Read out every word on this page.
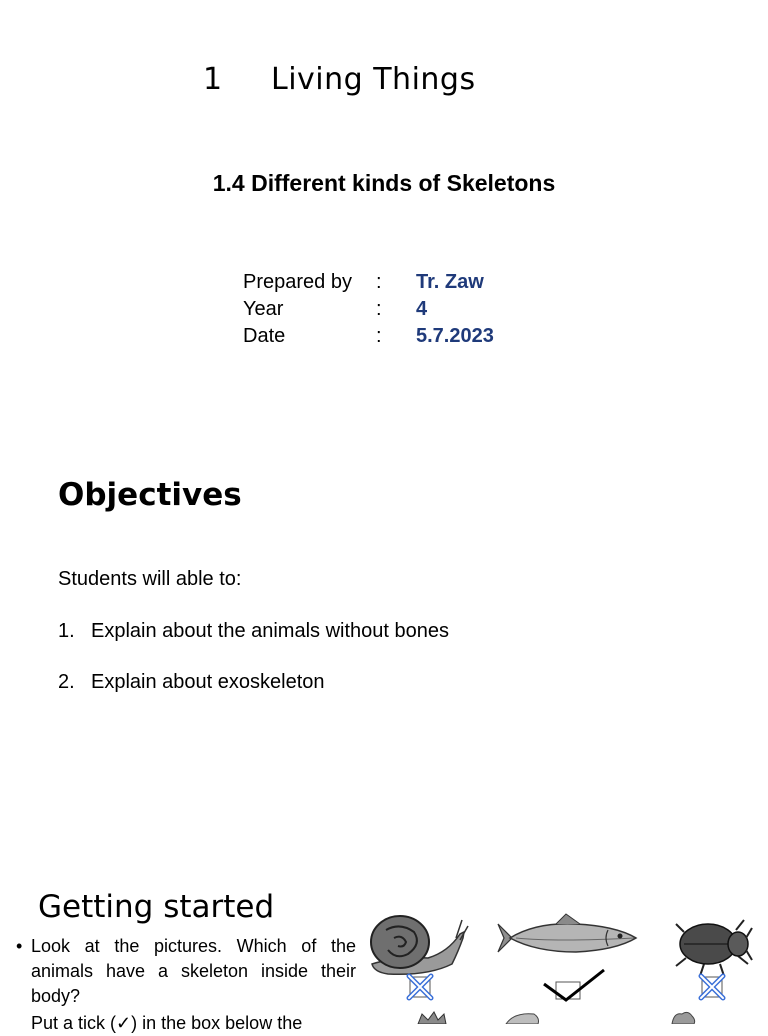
1 Living Things
1.4 Different kinds of Skeletons
Prepared by	:	Tr. Zaw
Year	:	4
Date	:	5.7.2023
Objectives
Students will able to:
1. Explain about the animals without bones
2. Explain about exoskeleton
Getting started
• Look at the pictures. Which of the animals have a skeleton inside their body?
Put a tick (✓) in the box below the
